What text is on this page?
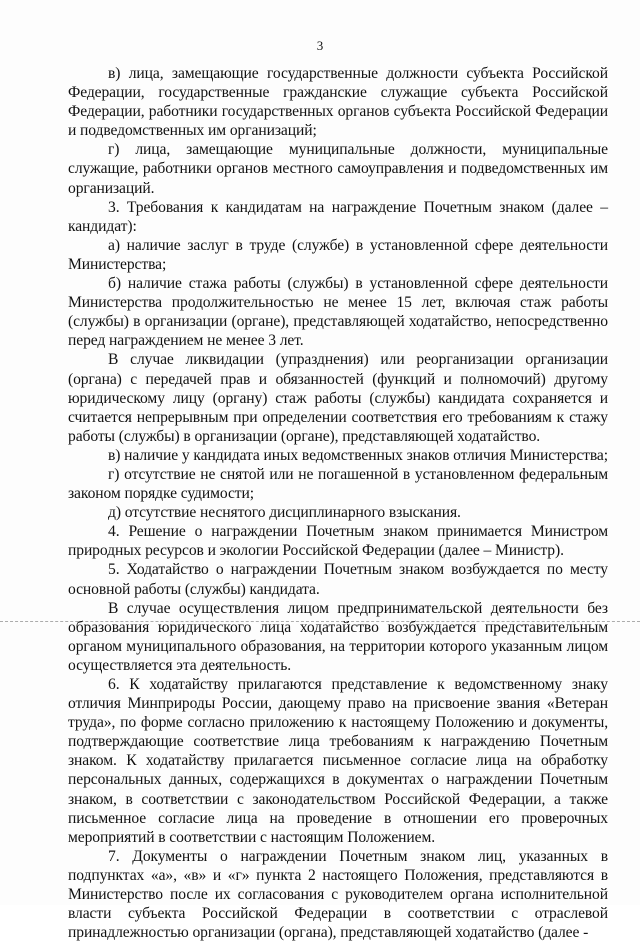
3

в) лица, замещающие государственные должности субъекта Российской Федерации, государственные гражданские служащие субъекта Российской Федерации, работники государственных органов субъекта Российской Федерации и подведомственных им организаций;

г) лица, замещающие муниципальные должности, муниципальные служащие, работники органов местного самоуправления и подведомственных им организаций.

3. Требования к кандидатам на награждение Почетным знаком (далее – кандидат):

а) наличие заслуг в труде (службе) в установленной сфере деятельности Министерства;

б) наличие стажа работы (службы) в установленной сфере деятельности Министерства продолжительностью не менее 15 лет, включая стаж работы (службы) в организации (органе), представляющей ходатайство, непосредственно перед награждением не менее 3 лет.

В случае ликвидации (упразднения) или реорганизации организации (органа) с передачей прав и обязанностей (функций и полномочий) другому юридическому лицу (органу) стаж работы (службы) кандидата сохраняется и считается непрерывным при определении соответствия его требованиям к стажу работы (службы) в организации (органе), представляющей ходатайство.

в) наличие у кандидата иных ведомственных знаков отличия Министерства;

г) отсутствие не снятой или не погашенной в установленном федеральным законом порядке судимости;

д) отсутствие неснятого дисциплинарного взыскания.

4. Решение о награждении Почетным знаком принимается Министром природных ресурсов и экологии Российской Федерации (далее – Министр).

5. Ходатайство о награждении Почетным знаком возбуждается по месту основной работы (службы) кандидата.

В случае осуществления лицом предпринимательской деятельности без образования юридического лица ходатайство возбуждается представительным органом муниципального образования, на территории которого указанным лицом осуществляется эта деятельность.

6. К ходатайству прилагаются представление к ведомственному знаку отличия Минприроды России, дающему право на присвоение звания «Ветеран труда», по форме согласно приложению к настоящему Положению и документы, подтверждающие соответствие лица требованиям к награждению Почетным знаком. К ходатайству прилагается письменное согласие лица на обработку персональных данных, содержащихся в документах о награждении Почетным знаком, в соответствии с законодательством Российской Федерации, а также письменное согласие лица на проведение в отношении его проверочных мероприятий в соответствии с настоящим Положением.

7. Документы о награждении Почетным знаком лиц, указанных в подпунктах «а», «в» и «г» пункта 2 настоящего Положения, представляются в Министерство после их согласования с руководителем органа исполнительной власти субъекта Российской Федерации в соответствии с отраслевой принадлежностью организации (органа), представляющей ходатайство (далее -
